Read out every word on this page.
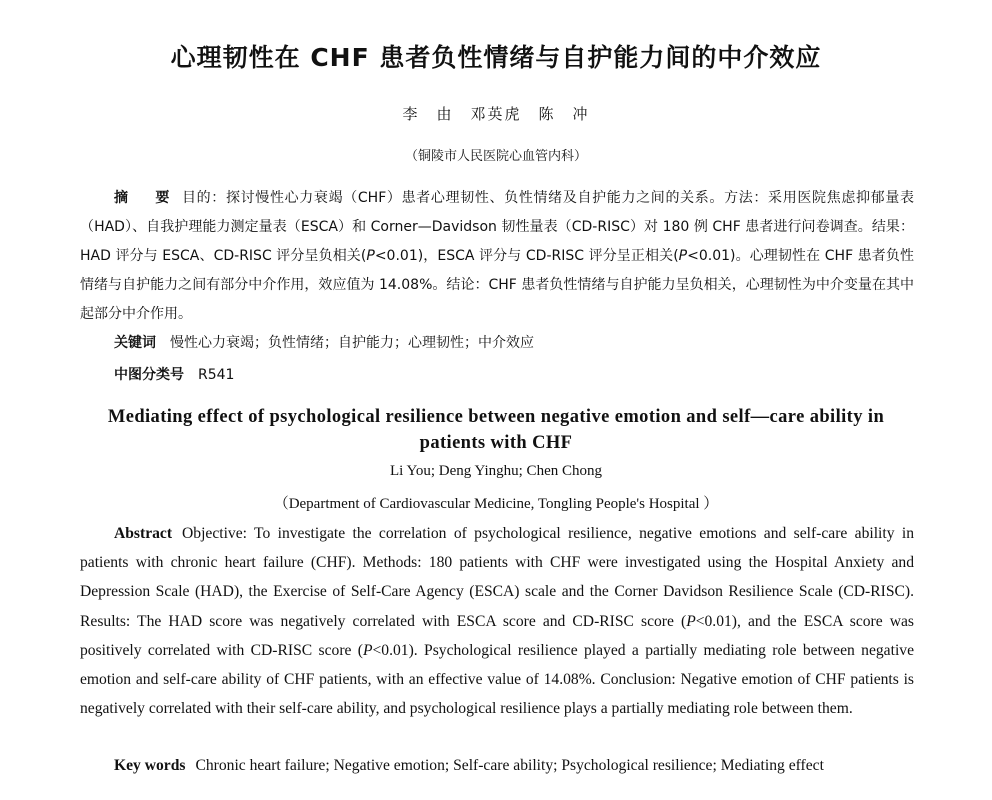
心理韧性在 CHF 患者负性情绪与自护能力间的中介效应
李　由　邓英虎　陈　冲
（铜陵市人民医院心血管内科）
摘　要 目的：探讨慢性心力衰竭（CHF）患者心理韧性、负性情绪及自护能力之间的关系。方法：采用医院焦虑抑郁量表（HAD）、自我护理能力测定量表（ESCA）和 Corner—Davidson 韧性量表（CD-RISC）对 180 例 CHF 患者进行问卷调查。结果：HAD 评分与 ESCA、CD-RISC 评分呈负相关(P<0.01)，ESCA 评分与 CD-RISC 评分呈正相关(P<0.01)。心理韧性在 CHF 患者负性情绪与自护能力之间有部分中介作用，效应值为 14.08%。结论：CHF 患者负性情绪与自护能力呈负相关，心理韧性为中介变量在其中起部分中介作用。
关键词 慢性心力衰竭；负性情绪；自护能力；心理韧性；中介效应
中图分类号 R541
Mediating effect of psychological resilience between negative emotion and self—care ability in patients with CHF
Li You; Deng Yinghu; Chen Chong
（Department of Cardiovascular Medicine, Tongling People's Hospital ）
Abstract Objective: To investigate the correlation of psychological resilience, negative emotions and self-care ability in patients with chronic heart failure (CHF). Methods: 180 patients with CHF were investigated using the Hospital Anxiety and Depression Scale (HAD), the Exercise of Self-Care Agency (ESCA) scale and the Corner Davidson Resilience Scale (CD-RISC). Results: The HAD score was negatively correlated with ESCA score and CD-RISC score (P<0.01), and the ESCA score was positively correlated with CD-RISC score (P<0.01). Psychological resilience played a partially mediating role between negative emotion and self-care ability of CHF patients, with an effective value of 14.08%. Conclusion: Negative emotion of CHF patients is negatively correlated with their self-care ability, and psychological resilience plays a partially mediating role between them.
Key words Chronic heart failure; Negative emotion; Self-care ability; Psychological resilience; Mediating effect
